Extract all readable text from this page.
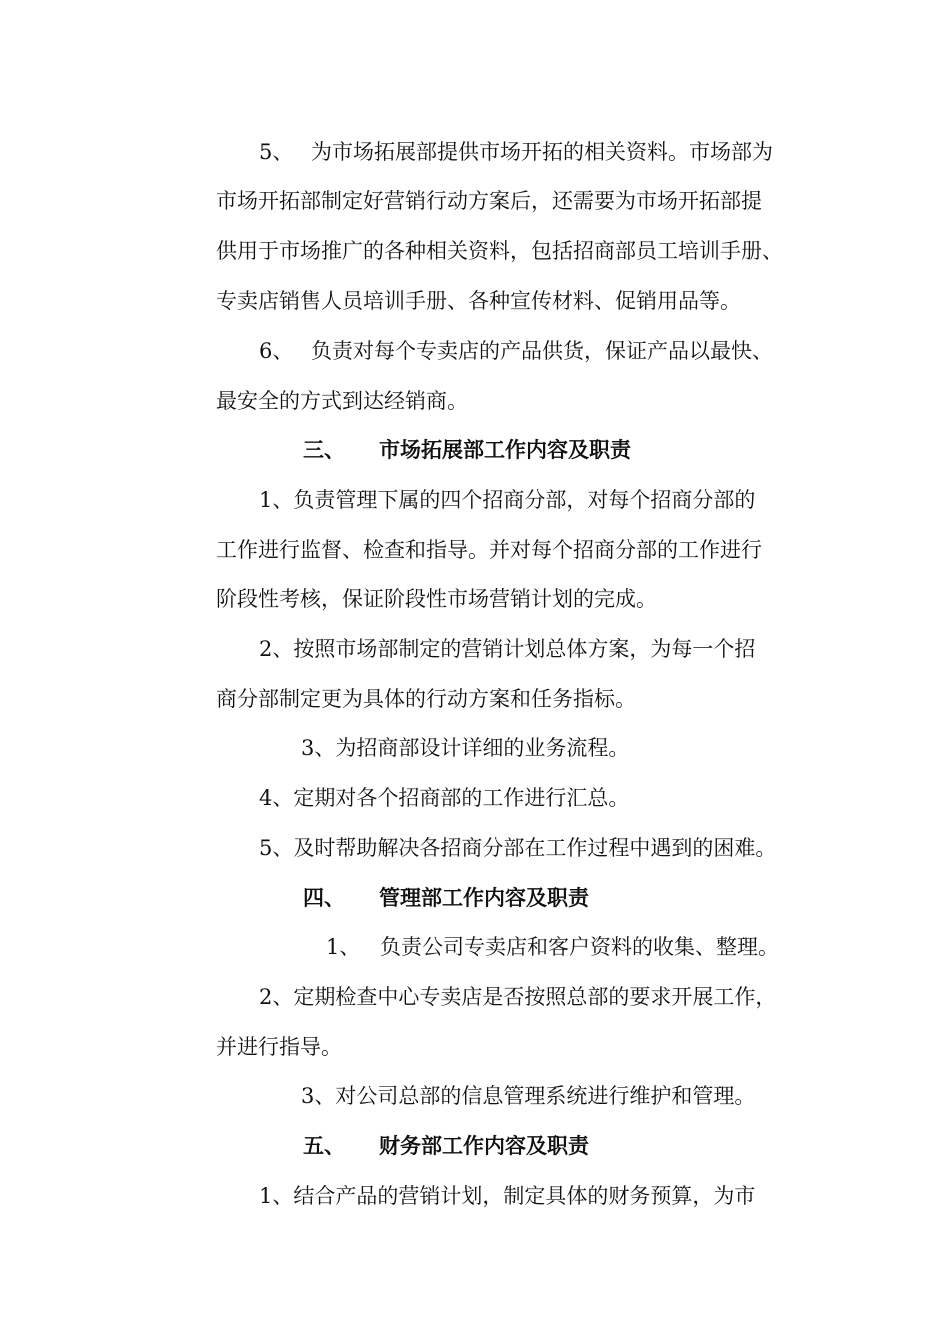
5、 为市场拓展部提供市场开拓的相关资料。市场部为
市场开拓部制定好营销行动方案后，还需要为市场开拓部提
供用于市场推广的各种相关资料，包括招商部员工培训手册、
专卖店销售人员培训手册、各种宣传材料、促销用品等。
6、 负责对每个专卖店的产品供货，保证产品以最快、
最安全的方式到达经销商。
三、 市场拓展部工作内容及职责
1、负责管理下属的四个招商分部，对每个招商分部的
工作进行监督、检查和指导。并对每个招商分部的工作进行
阶段性考核，保证阶段性市场营销计划的完成。
2、按照市场部制定的营销计划总体方案，为每一个招
商分部制定更为具体的行动方案和任务指标。
3、为招商部设计详细的业务流程。
4、定期对各个招商部的工作进行汇总。
5、及时帮助解决各招商分部在工作过程中遇到的困难。
四、 管理部工作内容及职责
1、 负责公司专卖店和客户资料的收集、整理。
2、定期检查中心专卖店是否按照总部的要求开展工作，
并进行指导。
3、对公司总部的信息管理系统进行维护和管理。
五、 财务部工作内容及职责
1、结合产品的营销计划，制定具体的财务预算，为市
